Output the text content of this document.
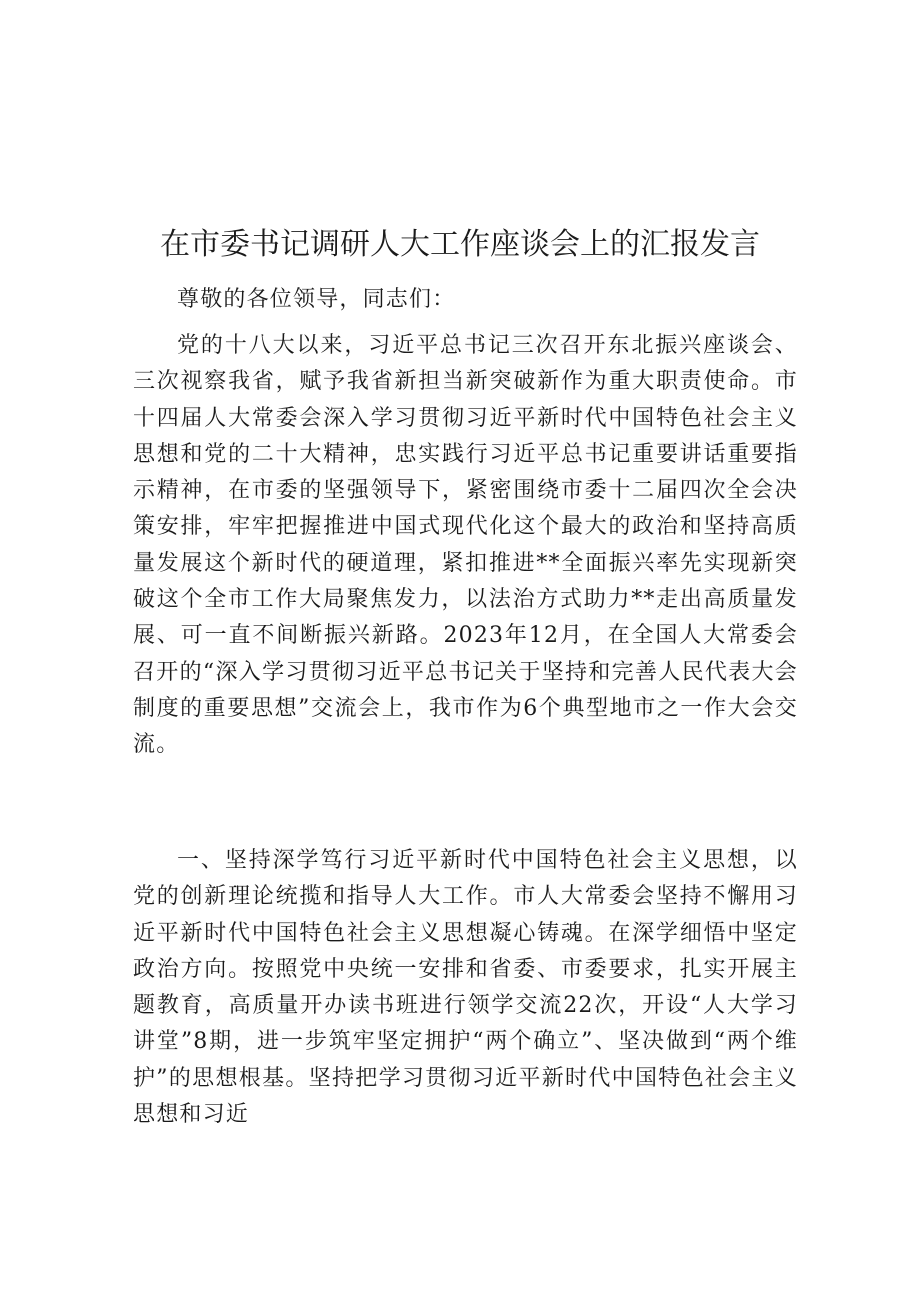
在市委书记调研人大工作座谈会上的汇报发言

尊敬的各位领导，同志们：

党的十八大以来，习近平总书记三次召开东北振兴座谈会、三次视察我省，赋予我省新担当新突破新作为重大职责使命。市十四届人大常委会深入学习贯彻习近平新时代中国特色社会主义思想和党的二十大精神，忠实践行习近平总书记重要讲话重要指示精神，在市委的坚强领导下，紧密围绕市委十二届四次全会决策安排，牢牢把握推进中国式现代化这个最大的政治和坚持高质量发展这个新时代的硬道理，紧扣推进**全面振兴率先实现新突破这个全市工作大局聚焦发力，以法治方式助力**走出高质量发展、可一直不间断振兴新路。2023年12月，在全国人大常委会召开的“深入学习贯彻习近平总书记关于坚持和完善人民代表大会制度的重要思想”交流会上，我市作为6个典型地市之一作大会交流。

一、坚持深学笃行习近平新时代中国特色社会主义思想，以党的创新理论统揽和指导人大工作。市人大常委会坚持不懈用习近平新时代中国特色社会主义思想凝心铸魂。在深学细悟中坚定政治方向。按照党中央统一安排和省委、市委要求，扎实开展主题教育，高质量开办读书班进行领学交流22次，开设“人大学习讲堂”8期，进一步筑牢坚定拥护“两个确立”、坚决做到“两个维护”的思想根基。坚持把学习贯彻习近平新时代中国特色社会主义思想和习近
